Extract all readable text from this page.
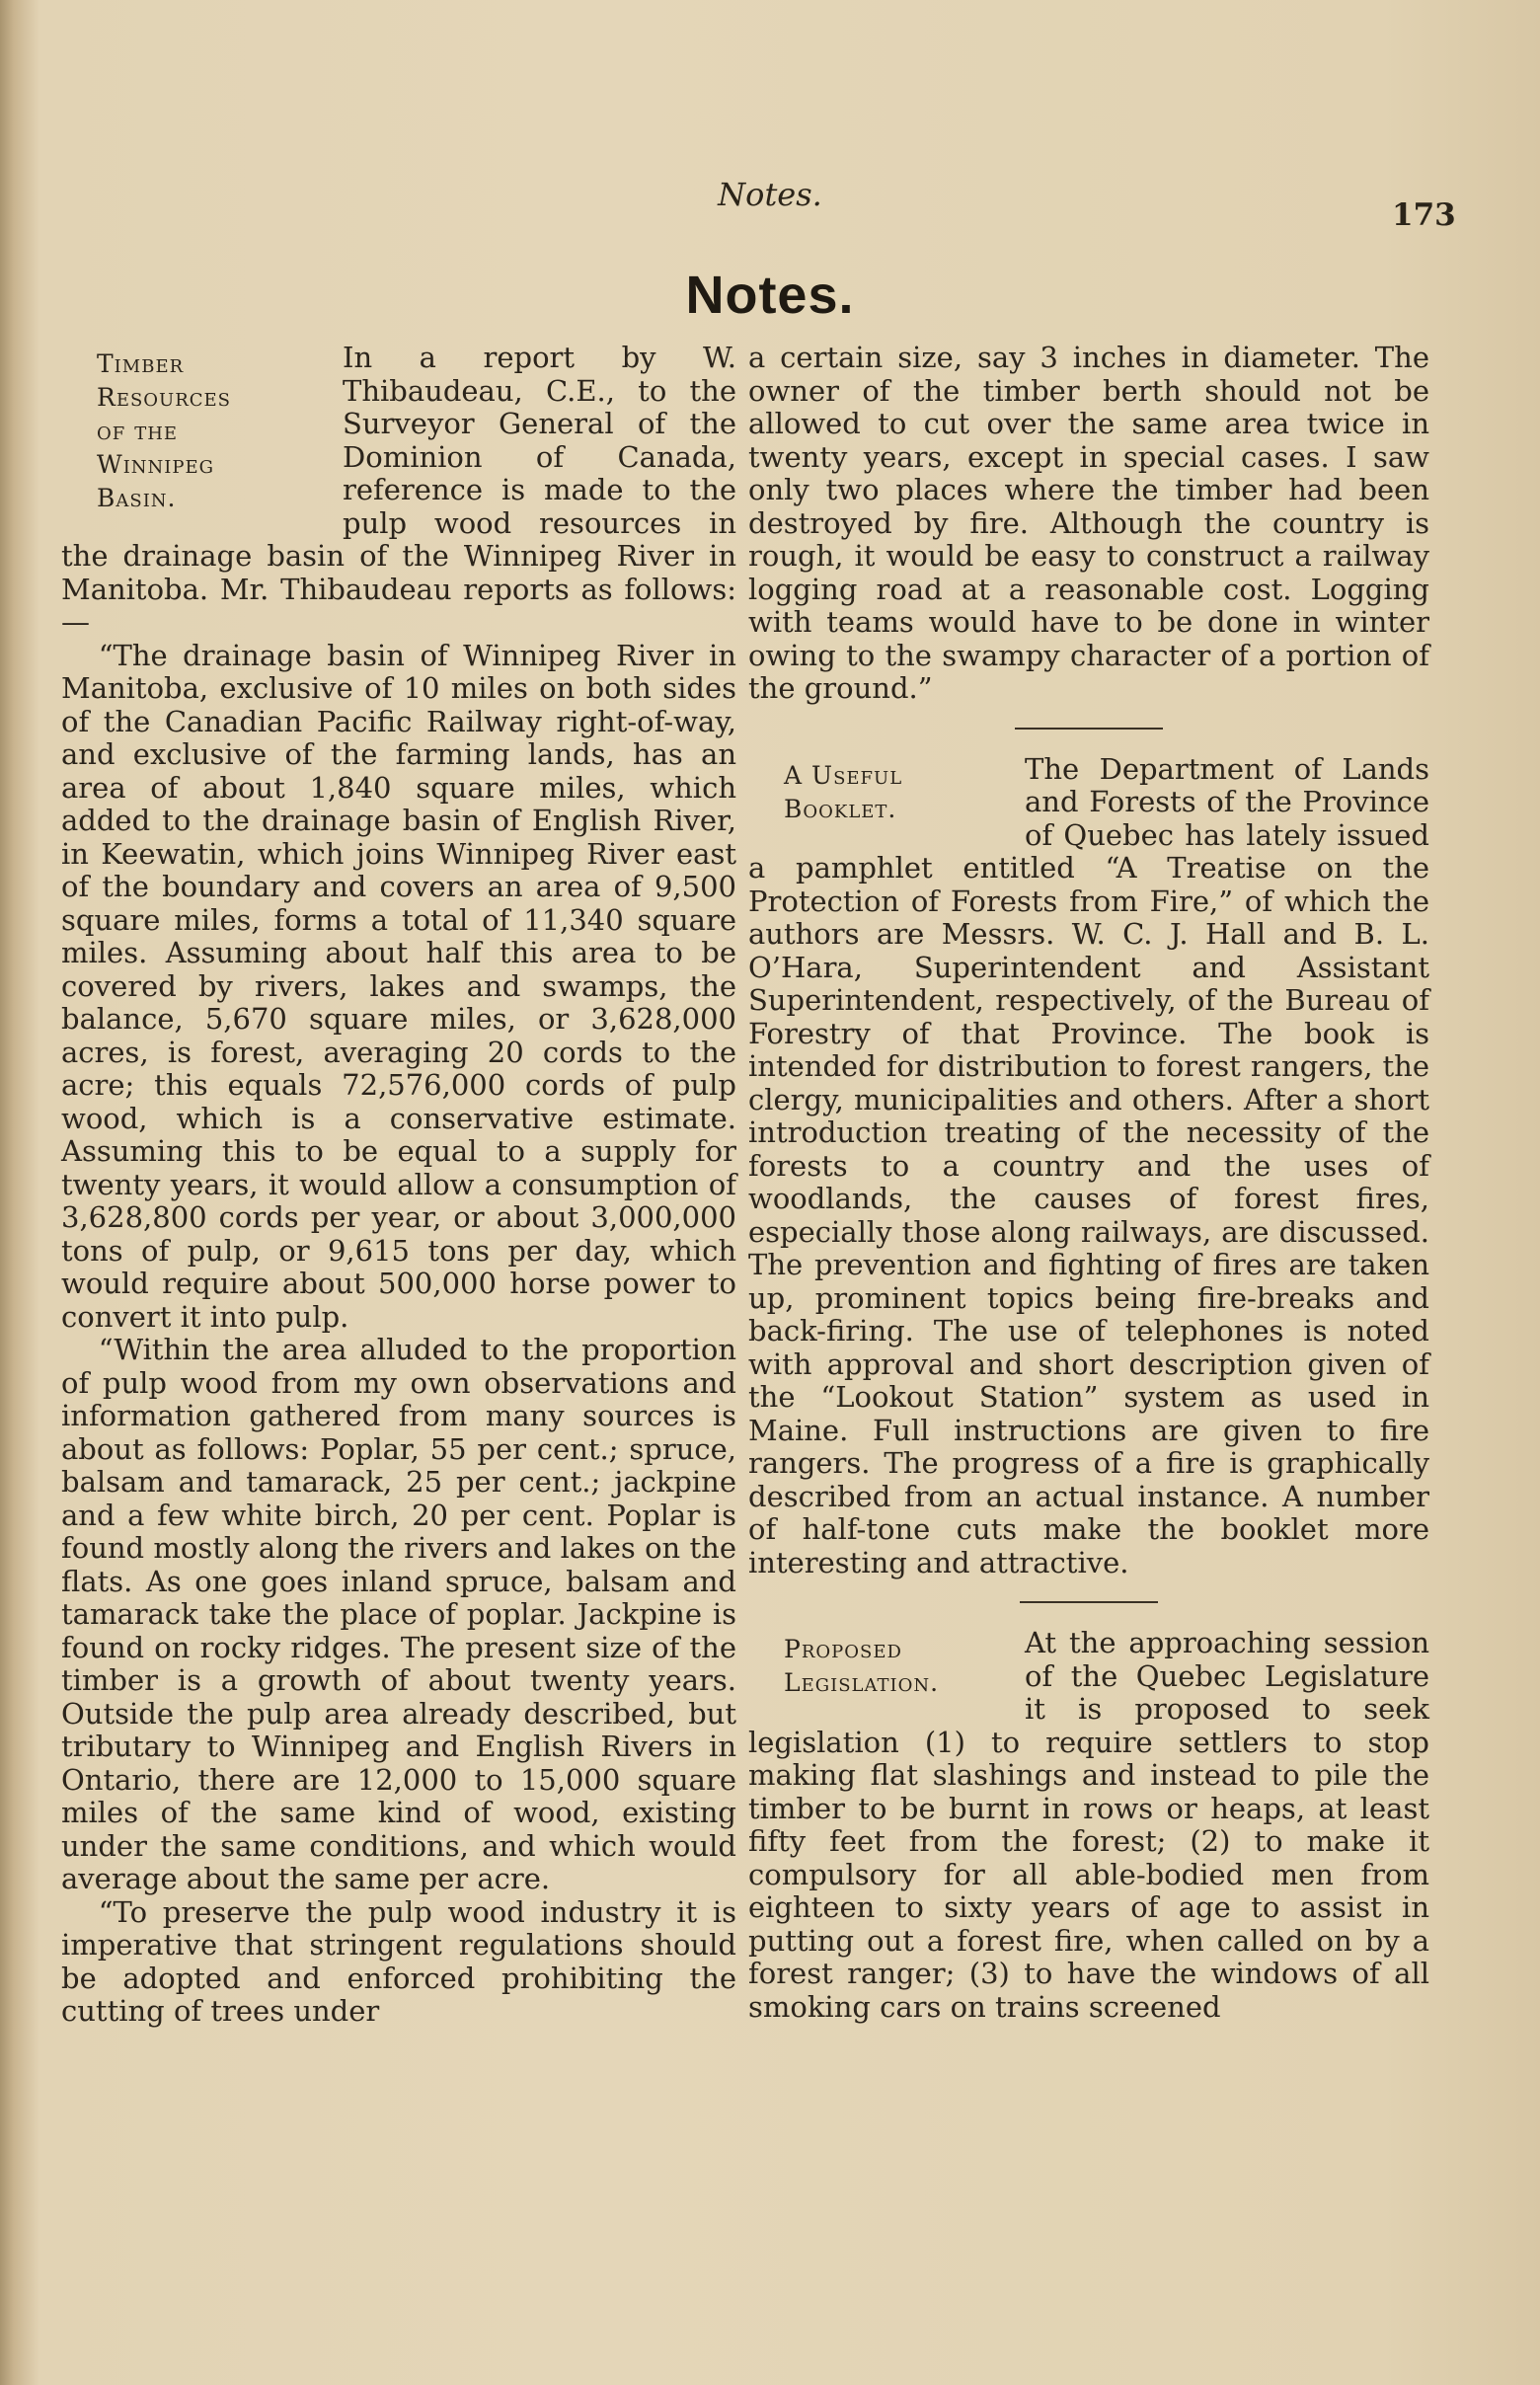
Notes.
173
Notes.
Timber
Resources
of the
Winnipeg
Basin.

In a report by W. Thibaudeau, C.E., to the Surveyor General of the Dominion of Canada, reference is made to the pulp wood resources in the drainage basin of the Winnipeg River in Manitoba. Mr. Thibaudeau reports as follows:—

“The drainage basin of Winnipeg River in Manitoba, exclusive of 10 miles on both sides of the Canadian Pacific Railway right-of-way, and exclusive of the farming lands, has an area of about 1,840 square miles, which added to the drainage basin of English River, in Keewatin, which joins Winnipeg River east of the boundary and covers an area of 9,500 square miles, forms a total of 11,340 square miles. Assuming about half this area to be covered by rivers, lakes and swamps, the balance, 5,670 square miles, or 3,628,000 acres, is forest, averaging 20 cords to the acre; this equals 72,576,000 cords of pulp wood, which is a conservative estimate. Assuming this to be equal to a supply for twenty years, it would allow a consumption of 3,628,800 cords per year, or about 3,000,000 tons of pulp, or 9,615 tons per day, which would require about 500,000 horse power to convert it into pulp.

“Within the area alluded to the proportion of pulp wood from my own observations and information gathered from many sources is about as follows: Poplar, 55 per cent.; spruce, balsam and tamarack, 25 per cent.; jackpine and a few white birch, 20 per cent. Poplar is found mostly along the rivers and lakes on the flats. As one goes inland spruce, balsam and tamarack take the place of poplar. Jackpine is found on rocky ridges. The present size of the timber is a growth of about twenty years. Outside the pulp area already described, but tributary to Winnipeg and English Rivers in Ontario, there are 12,000 to 15,000 square miles of the same kind of wood, existing under the same conditions, and which would average about the same per acre.

“To preserve the pulp wood industry it is imperative that stringent regulations should be adopted and enforced prohibiting the cutting of trees under

a certain size, say 3 inches in diameter. The owner of the timber berth should not be allowed to cut over the same area twice in twenty years, except in special cases. I saw only two places where the timber had been destroyed by fire. Although the country is rough, it would be easy to construct a railway logging road at a reasonable cost. Logging with teams would have to be done in winter owing to the swampy character of a portion of the ground.”

A Useful
Booklet.

The Department of Lands and Forests of the Province of Quebec has lately issued a pamphlet entitled “A Treatise on the Protection of Forests from Fire,” of which the authors are Messrs. W. C. J. Hall and B. L. O’Hara, Superintendent and Assistant Superintendent, respectively, of the Bureau of Forestry of that Province. The book is intended for distribution to forest rangers, the clergy, municipalities and others. After a short introduction treating of the necessity of the forests to a country and the uses of woodlands, the causes of forest fires, especially those along railways, are discussed. The prevention and fighting of fires are taken up, prominent topics being fire-breaks and back-firing. The use of telephones is noted with approval and short description given of the “Lookout Station” system as used in Maine. Full instructions are given to fire rangers. The progress of a fire is graphically described from an actual instance. A number of half-tone cuts make the booklet more interesting and attractive.

Proposed
Legislation.

At the approaching session of the Quebec Legislature it is proposed to seek legislation (1) to require settlers to stop making flat slashings and instead to pile the timber to be burnt in rows or heaps, at least fifty feet from the forest; (2) to make it compulsory for all able-bodied men from eighteen to sixty years of age to assist in putting out a forest fire, when called on by a forest ranger; (3) to have the windows of all smoking cars on trains screened
